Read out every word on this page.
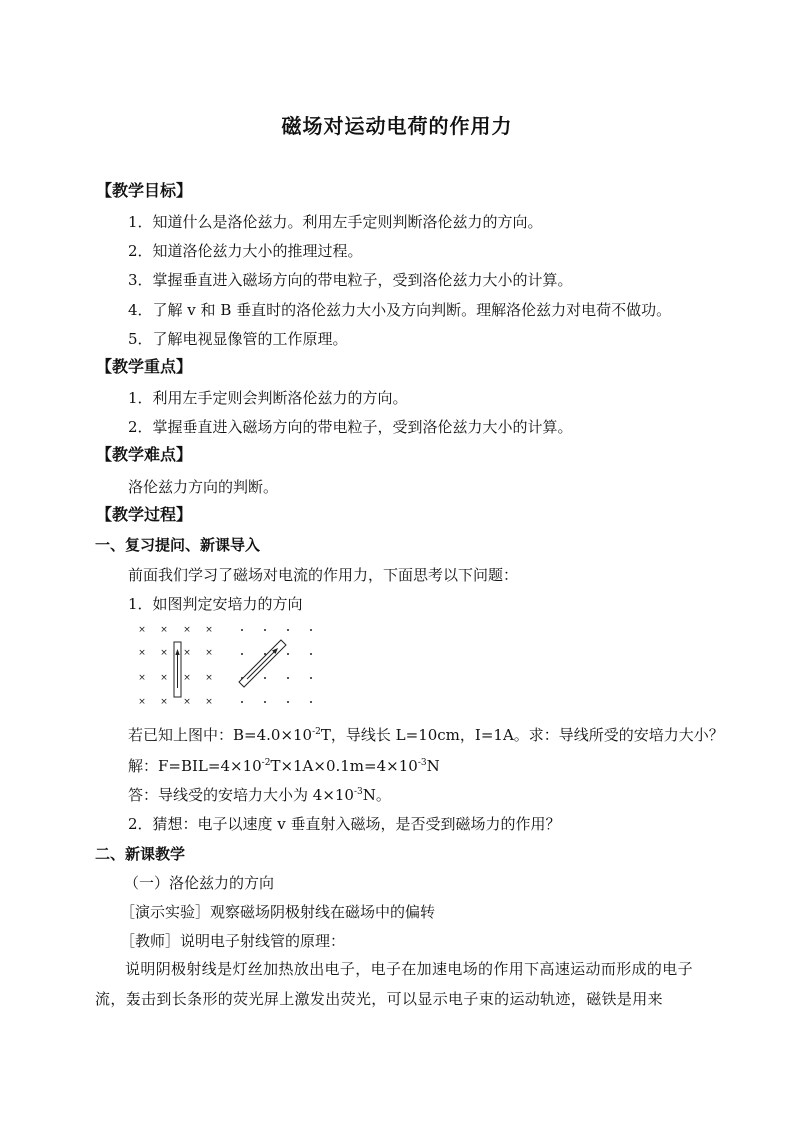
磁场对运动电荷的作用力
【教学目标】
1．知道什么是洛伦兹力。利用左手定则判断洛伦兹力的方向。
2．知道洛伦兹力大小的推理过程。
3．掌握垂直进入磁场方向的带电粒子，受到洛伦兹力大小的计算。
4．了解 v 和 B 垂直时的洛伦兹力大小及方向判断。理解洛伦兹力对电荷不做功。
5．了解电视显像管的工作原理。
【教学重点】
1．利用左手定则会判断洛伦兹力的方向。
2．掌握垂直进入磁场方向的带电粒子，受到洛伦兹力大小的计算。
【教学难点】
洛伦兹力方向的判断。
【教学过程】
一、复习提问、新课导入
前面我们学习了磁场对电流的作用力，下面思考以下问题：
1．如图判定安培力的方向
× × × ×
× × × ×
× × × ×
× × × ×
若已知上图中：$B=4.0\times 10^{-2}T$，导线长 L=10cm，I=1A。求：导线所受的安培力大小？
解：$F=BIL=4\times 10^{-2}T\times 1A\times 0.1m=4\times 10^{-3}N$
答：导线受的安培力大小为 $4\times 10^{-3}N$。
2．猜想：电子以速度 v 垂直射入磁场，是否受到磁场力的作用？
二、新课教学
（一）洛伦兹力的方向
［演示实验］观察磁场阴极射线在磁场中的偏转
［教师］说明电子射线管的原理：
说明阴极射线是灯丝加热放出电子，电子在加速电场的作用下高速运动而形成的电子流，轰击到长条形的荧光屏上激发出荧光，可以显示电子束的运动轨迹，磁铁是用来
